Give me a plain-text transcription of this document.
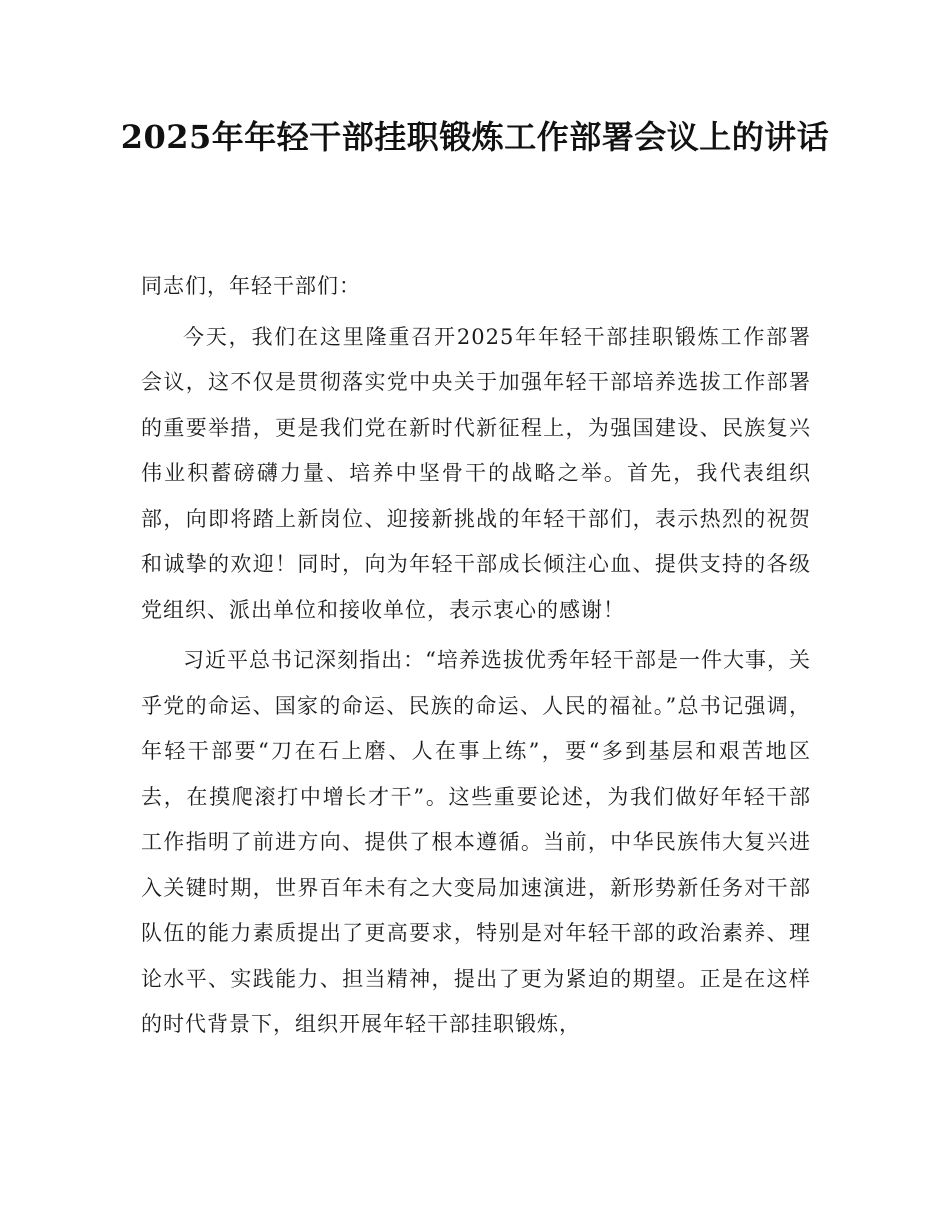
2025年年轻干部挂职锻炼工作部署会议上的讲话

同志们，年轻干部们：

今天，我们在这里隆重召开2025年年轻干部挂职锻炼工作部署会议，这不仅是贯彻落实党中央关于加强年轻干部培养选拔工作部署的重要举措，更是我们党在新时代新征程上，为强国建设、民族复兴伟业积蓄磅礴力量、培养中坚骨干的战略之举。首先，我代表组织部，向即将踏上新岗位、迎接新挑战的年轻干部们，表示热烈的祝贺和诚挚的欢迎！同时，向为年轻干部成长倾注心血、提供支持的各级党组织、派出单位和接收单位，表示衷心的感谢！

习近平总书记深刻指出：“培养选拔优秀年轻干部是一件大事，关乎党的命运、国家的命运、民族的命运、人民的福祉。”总书记强调，年轻干部要“刀在石上磨、人在事上练”，要“多到基层和艰苦地区去，在摸爬滚打中增长才干”。这些重要论述，为我们做好年轻干部工作指明了前进方向、提供了根本遵循。当前，中华民族伟大复兴进入关键时期，世界百年未有之大变局加速演进，新形势新任务对干部队伍的能力素质提出了更高要求，特别是对年轻干部的政治素养、理论水平、实践能力、担当精神，提出了更为紧迫的期望。正是在这样的时代背景下，组织开展年轻干部挂职锻炼，
